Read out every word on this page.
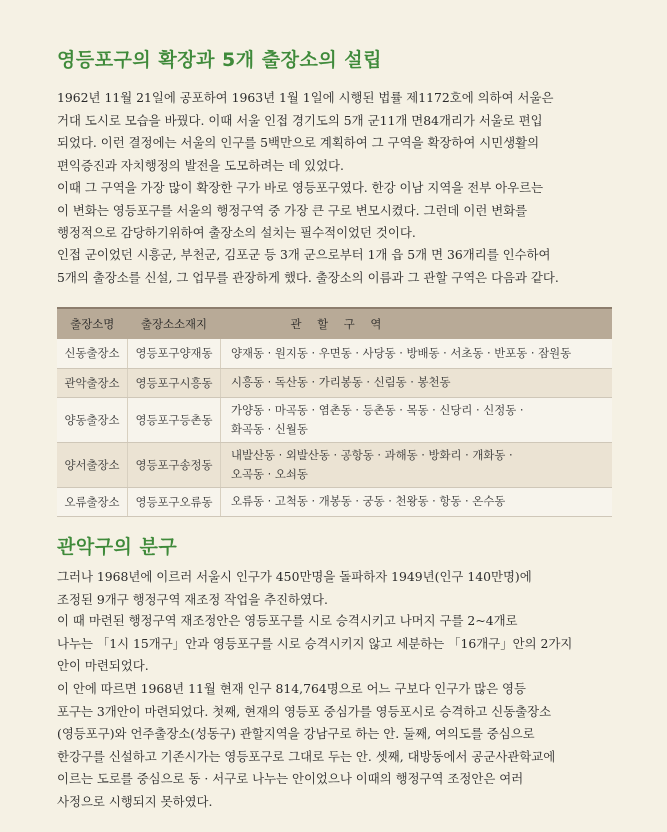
영등포구의 확장과 5개 출장소의 설립
1962년 11월 21일에 공포하여 1963년 1월 1일에 시행된 법률 제1172호에 의하여 서울은
거대 도시로 모습을 바꿨다. 이때 서울 인접 경기도의 5개 군11개 면84개리가 서울로 편입
되었다. 이런 결정에는 서울의 인구를 5백만으로 계획하여 그 구역을 확장하여 시민생활의
편익증진과 자치행정의 발전을 도모하려는 데 있었다.
이때 그 구역을 가장 많이 확장한 구가 바로 영등포구였다. 한강 이남 지역을 전부 아우르는
이 변화는 영등포구를 서울의 행정구역 중 가장 큰 구로 변모시켰다. 그런데 이런 변화를
행정적으로 감당하기위하여 출장소의 설치는 필수적이었던 것이다.
인접 군이었던 시흥군, 부천군, 김포군 등 3개 군으로부터 1개 읍 5개 면 36개리를 인수하여
5개의 출장소를 신설, 그 업무를 관장하게 했다. 출장소의 이름과 그 관할 구역은 다음과 같다.
출장소명	출장소소재지	관 할 구 역
신동출장소	영등포구양재동	양재동 · 원지동 · 우면동 · 사당동 · 방배동 · 서초동 · 반포동 · 잠원동
관악출장소	영등포구시흥동	시흥동 · 독산동 · 가리봉동 · 신림동 · 봉천동
양동출장소	영등포구등촌동	가양동 · 마곡동 · 염촌동 · 등촌동 · 목동 · 신당리 · 신정동 ·
화곡동 · 신월동
양서출장소	영등포구송정동	내발산동 · 외발산동 · 공항동 · 과해동 · 방화리 · 개화동 ·
오곡동 · 오쇠동
오류출장소	영등포구오류동	오류동 · 고척동 · 개봉동 · 궁동 · 천왕동 · 항동 · 온수동
관악구의 분구
그러나 1968년에 이르러 서울시 인구가 450만명을 돌파하자 1949년(인구 140만명)에
조정된 9개구 행정구역 재조정 작업을 추진하였다.
이 때 마련된 행정구역 재조정안은 영등포구를 시로 승격시키고 나머지 구를 2~4개로
나누는 「1시 15개구」안과 영등포구를 시로 승격시키지 않고 세분하는 「16개구」안의 2가지
안이 마련되었다.
이 안에 따르면 1968년 11월 현재 인구 814,764명으로 어느 구보다 인구가 많은 영등
포구는 3개안이 마련되었다. 첫째, 현재의 영등포 중심가를 영등포시로 승격하고 신동출장소
(영등포구)와 언주출장소(성동구) 관할지역을 강남구로 하는 안. 둘째, 여의도를 중심으로
한강구를 신설하고 기존시가는 영등포구로 그대로 두는 안. 셋째, 대방동에서 공군사관학교에
이르는 도로를 중심으로 동 · 서구로 나누는 안이었으나 이때의 행정구역 조정안은 여러
사정으로 시행되지 못하였다.
